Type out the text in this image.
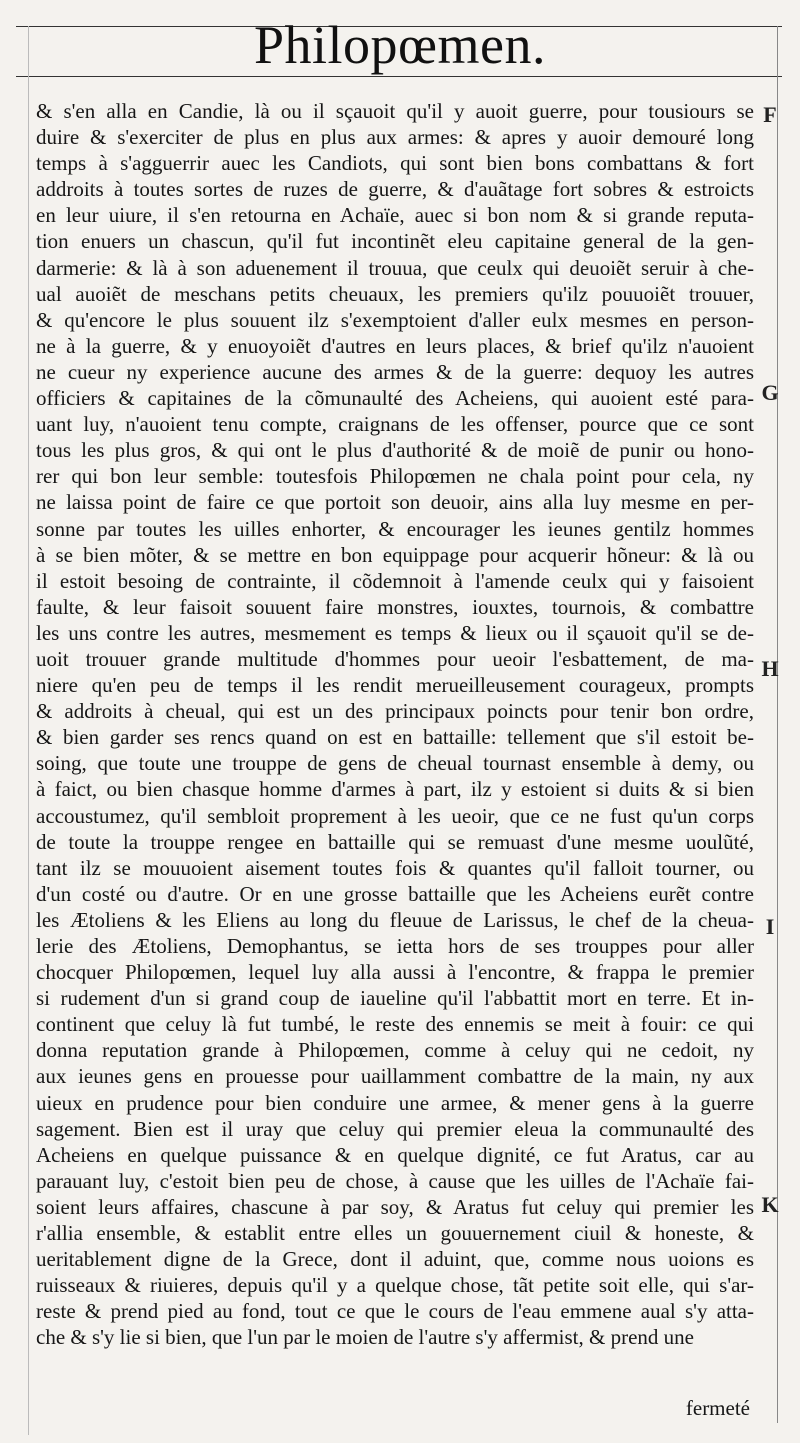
Philopœmen.
& s'en alla en Candie, là ou il sçauoit qu'il y auoit guerre, pour tousiours se
duire & s'exerciter de plus en plus aux armes: & apres y auoir demouré long
temps à s'agguerrir auec les Candiots, qui sont bien bons combattans & fort
addroits à toutes sortes de ruzes de guerre, & d'auãtage fort sobres & estroicts
en leur uiure, il s'en retourna en Achaïe, auec si bon nom & si grande reputa-
tion enuers un chascun, qu'il fut incontinẽt eleu capitaine general de la gen-
darmerie: & là à son aduenement il trouua, que ceulx qui deuoiẽt seruir à che-
ual auoiẽt de meschans petits cheuaux, les premiers qu'ilz pouuoiẽt trouuer,
& qu'encore le plus souuent ilz s'exemptoient d'aller eulx mesmes en person-
ne à la guerre, & y enuoyoiẽt d'autres en leurs places, & brief qu'ilz n'auoient
ne cueur ny experience aucune des armes & de la guerre: dequoy les autres
officiers & capitaines de la cõmunaulté des Acheiens, qui auoient esté para-
uant luy, n'auoient tenu compte, craignans de les offenser, pource que ce sont
tous les plus gros, & qui ont le plus d'authorité & de moiẽ de punir ou hono-
rer qui bon leur semble: toutesfois Philopœmen ne chala point pour cela, ny
ne laissa point de faire ce que portoit son deuoir, ains alla luy mesme en per-
sonne par toutes les uilles enhorter, & encourager les ieunes gentilz hommes
à se bien mõter, & se mettre en bon equippage pour acquerir hõneur: & là ou
il estoit besoing de contrainte, il cõdemnoit à l'amende ceulx qui y faisoient
faulte, & leur faisoit souuent faire monstres, iouxtes, tournois, & combattre
les uns contre les autres, mesmement es temps & lieux ou il sçauoit qu'il se de-
uoit trouuer grande multitude d'hommes pour ueoir l'esbattement, de ma-
niere qu'en peu de temps il les rendit merueilleusement courageux, prompts
& addroits à cheual, qui est un des principaux poincts pour tenir bon ordre,
& bien garder ses rencs quand on est en battaille: tellement que s'il estoit be-
soing, que toute une trouppe de gens de cheual tournast ensemble à demy, ou
à faict, ou bien chasque homme d'armes à part, ilz y estoient si duits & si bien
accoustumez, qu'il sembloit proprement à les ueoir, que ce ne fust qu'un corps
de toute la trouppe rengee en battaille qui se remuast d'une mesme uoulũté,
tant ilz se mouuoient aisement toutes fois & quantes qu'il falloit tourner, ou
d'un costé ou d'autre. Or en une grosse battaille que les Acheiens eurẽt contre
les Ætoliens & les Eliens au long du fleuue de Larissus, le chef de la cheua-
lerie des Ætoliens, Demophantus, se ietta hors de ses trouppes pour aller
chocquer Philopœmen, lequel luy alla aussi à l'encontre, & frappa le premier
si rudement d'un si grand coup de iaueline qu'il l'abbattit mort en terre. Et in-
continent que celuy là fut tumbé, le reste des ennemis se meit à fouir: ce qui
donna reputation grande à Philopœmen, comme à celuy qui ne cedoit, ny
aux ieunes gens en prouesse pour uaillamment combattre de la main, ny aux
uieux en prudence pour bien conduire une armee, & mener gens à la guerre
sagement. Bien est il uray que celuy qui premier eleua la communaulté des
Acheiens en quelque puissance & en quelque dignité, ce fut Aratus, car au
parauant luy, c'estoit bien peu de chose, à cause que les uilles de l'Achaïe fai-
soient leurs affaires, chascune à par soy, & Aratus fut celuy qui premier les
r'allia ensemble, & establit entre elles un gouuernement ciuil & honeste, &
ueritablement digne de la Grece, dont il aduint, que, comme nous uoions es
ruisseaux & riuieres, depuis qu'il y a quelque chose, tãt petite soit elle, qui s'ar-
reste & prend pied au fond, tout ce que le cours de l'eau emmene aual s'y atta-
che & s'y lie si bien, que l'un par le moien de l'autre s'y affermist, & prend une
F
G
H
I
K
fermeté
